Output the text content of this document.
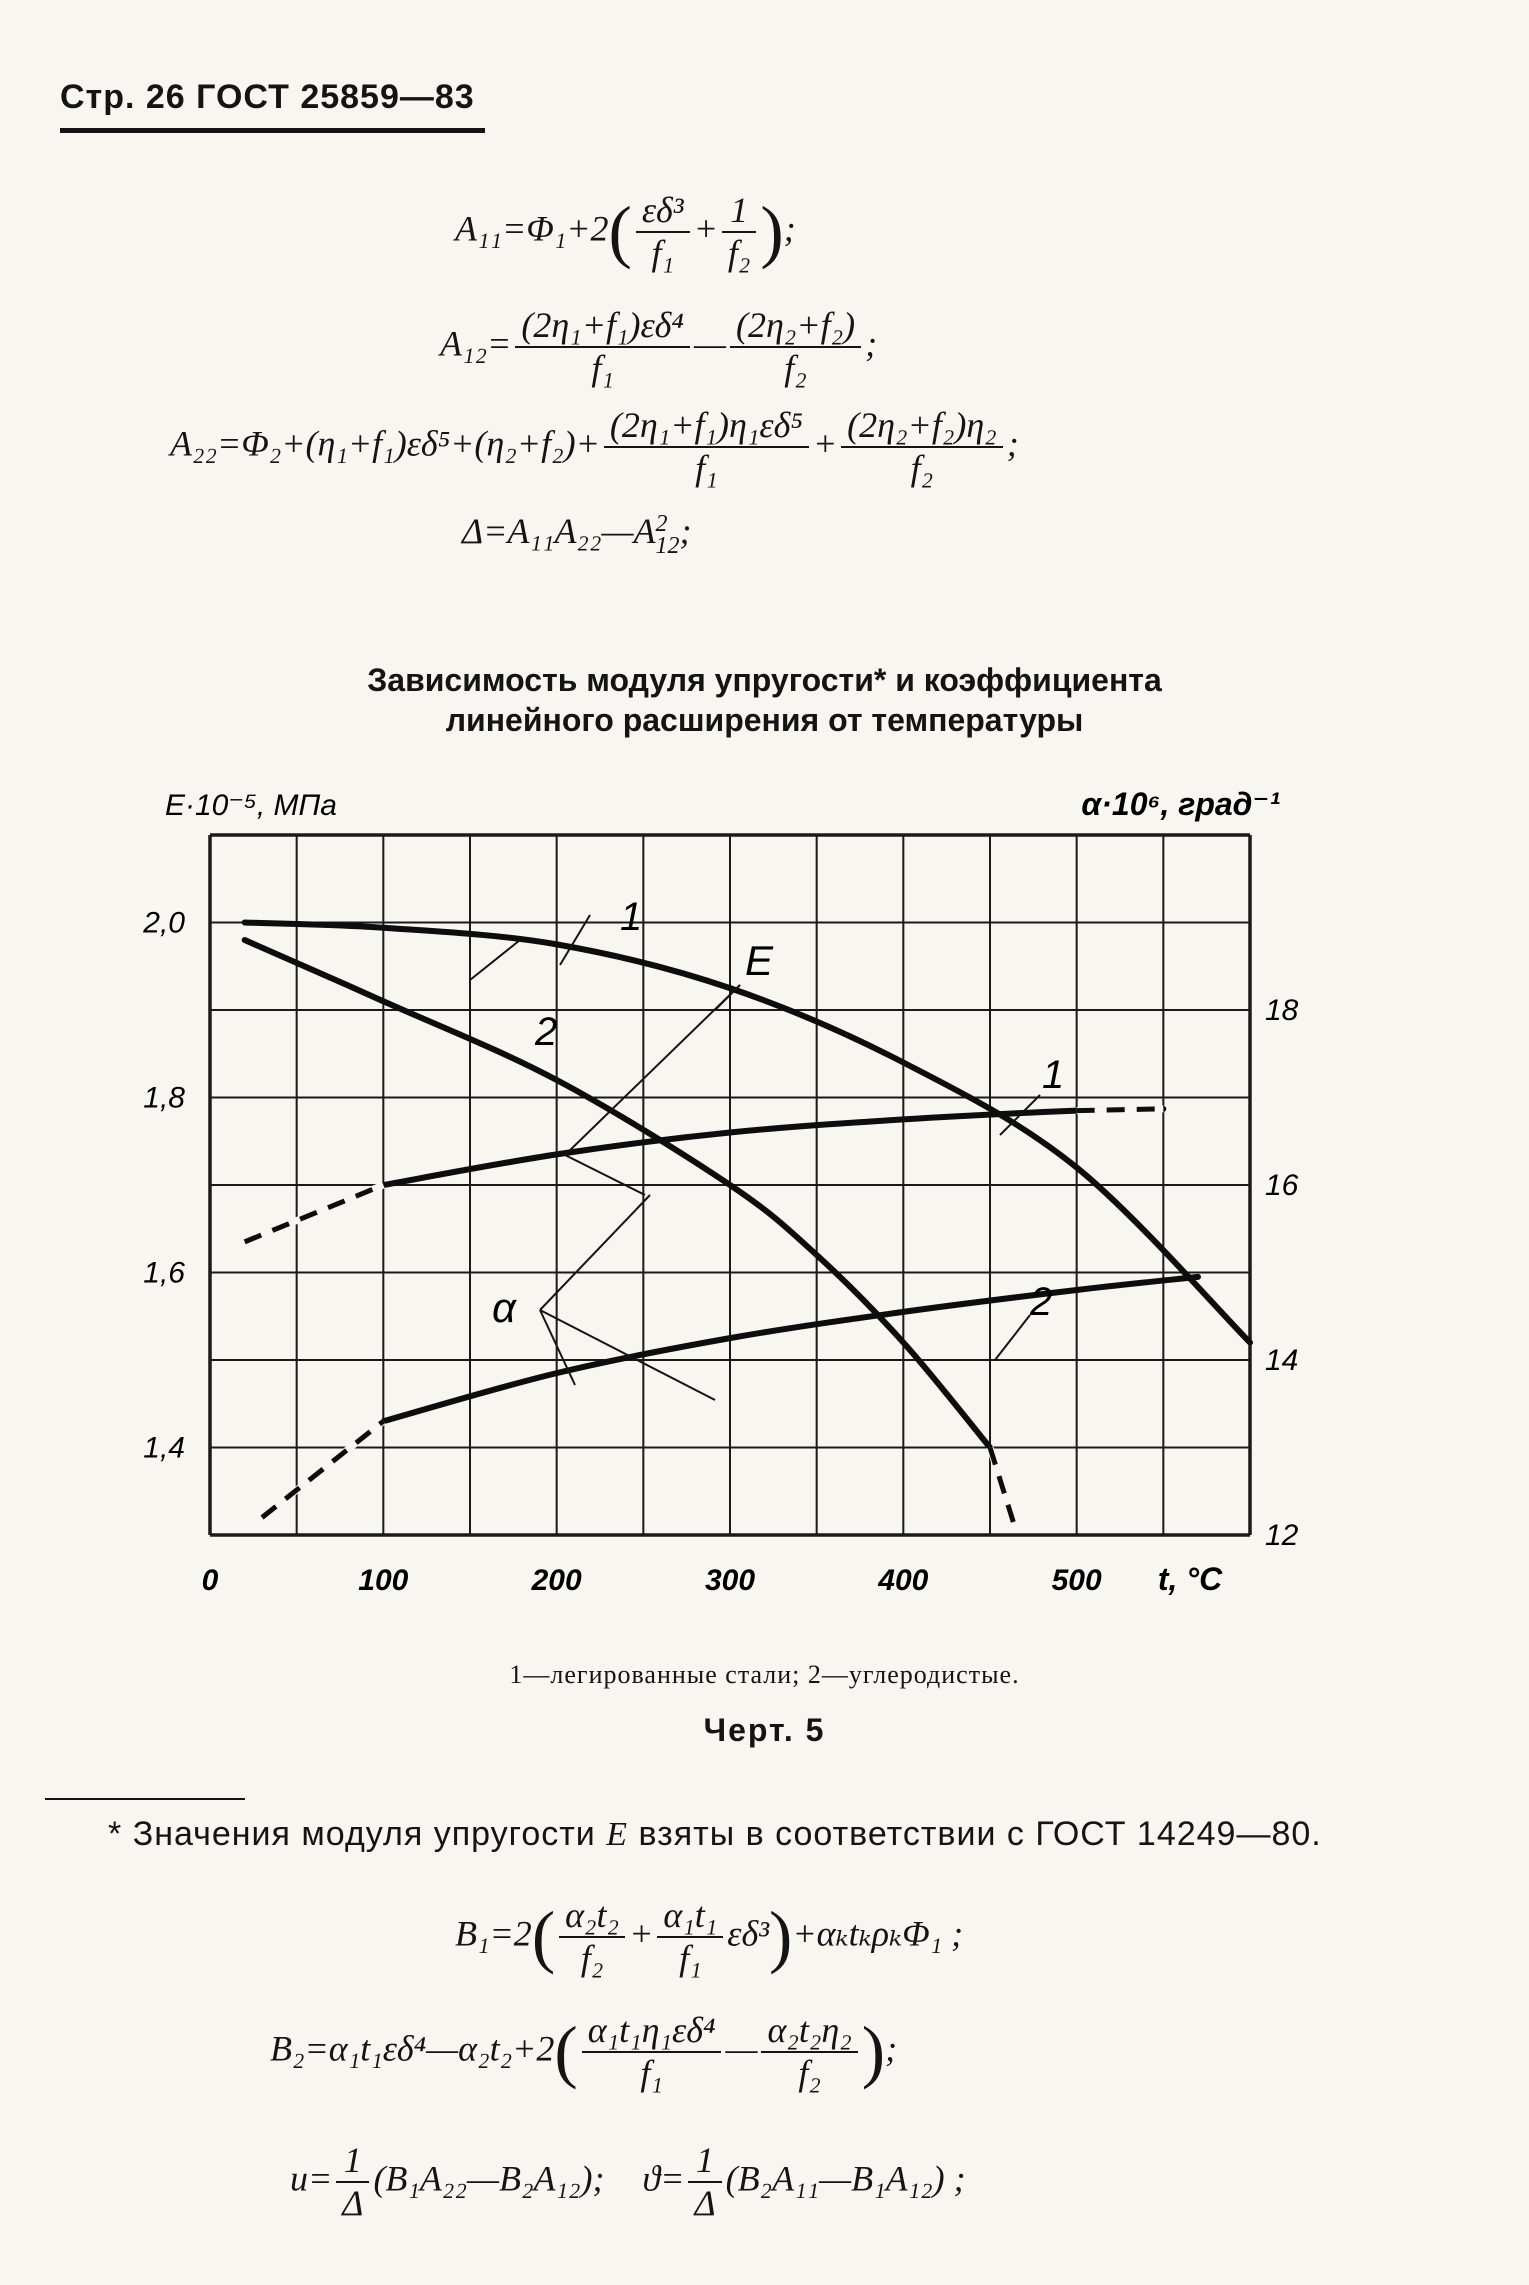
Стр. 26 ГОСТ 25859—83
$A_{11}=\Phi_1+2( \frac{\text{εδ³}}{\text{f₁}} + \frac{1}{\text{f₂}}$ );
$A_{12}= \frac{\text{(2η₁+f₁)εδ⁴}}{\text{f₁}}$ — $\frac{\text{(2η₂+f₂)}}{\text{f₂}}$ ;
$A_{22}=\Phi_2+(\eta_1+f_1)\varepsilon\delta^5+(\eta_2+f_2)+ \frac{\text{(2η₁+f₁)η₁εδ⁵}}{\text{f₁}} + \frac{\text{(2η₂+f₂)η₂}}{\text{f₂}}$ ;
Δ=A₁₁A₂₂—A 2
12 ;
Зависимость модуля упругости* и коэффициента
линейного расширения от температуры
0	100	200	300	400	500
1,4
1,6
1,8
2,0
12
14
16
18
E·10⁻⁵, МПа	α·10⁶, град⁻¹
t, °C
E
α
1
2
1
2
1—легированные стали; 2—углеродистые.
Черт. 5
* Значения модуля упругости E взяты в соответствии с ГОСТ 14249—80.
$B_1=2( \frac{\text{α₂t₂}}{\text{f₂}} + \frac{\text{α₁t₁}}{\text{f₁}} \varepsilon\delta^3)+\alpha_kt_k\rho_k\Phi_1$ ;
B₂=α₁t₁εδ⁴—α₂t₂+2( $\frac{\text{α₁t₁η₁εδ⁴}}{\text{f₁}}$ — $\frac{\text{α₂t₂η₂}}{\text{f₂}}$ );
$u= \frac{1}{\Delta}$ (B₁A₂₂—B₂A₁₂); $ϑ= \frac{1}{\Delta}$ (B₂A₁₁—B₁A₁₂) ;
